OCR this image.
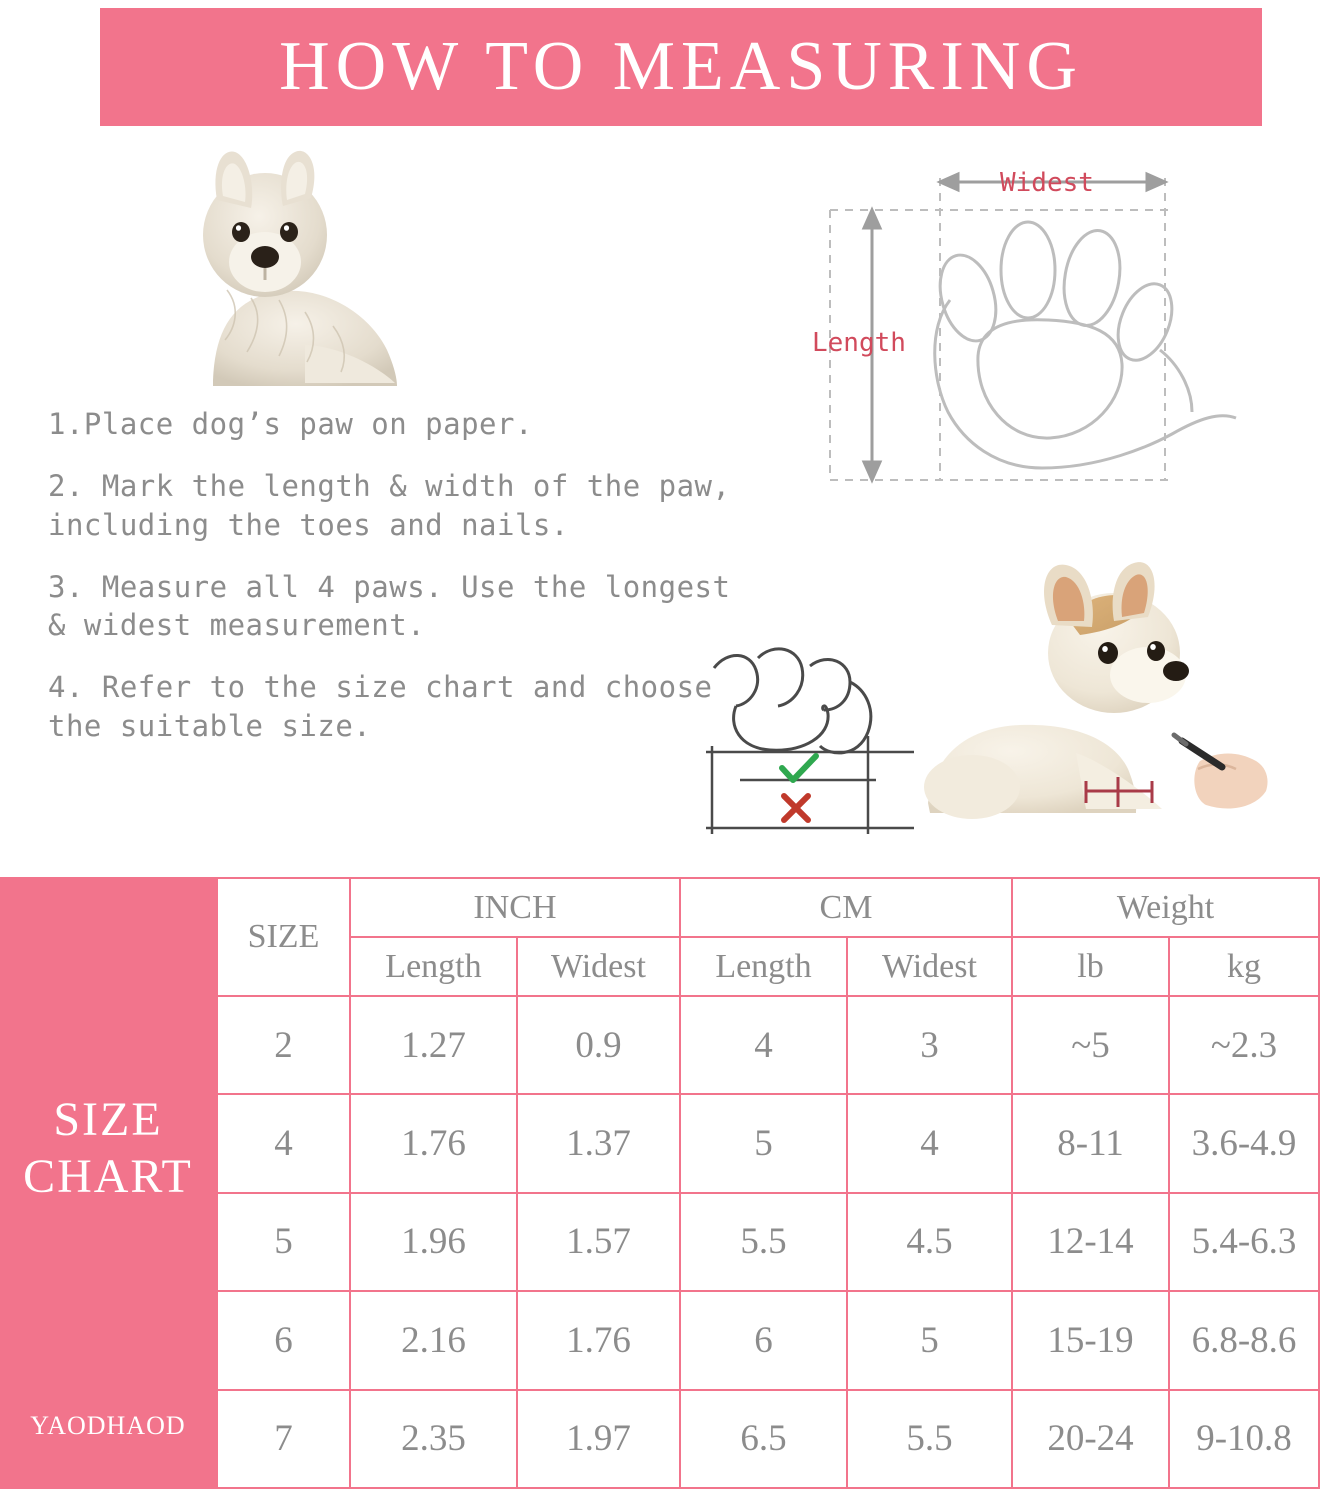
HOW TO MEASURING
1.Place dog’s paw on paper.
2. Mark the length & width of the paw, including the toes and nails.
3. Measure all 4 paws. Use the longest & widest measurement.
4. Refer to the size chart and choose the suitable size.
Widest
Length
SIZE
CHART
YAODHAOD
SIZE	INCH		CM		Weight	
	Length	Widest	Length	Widest	lb	kg
2	1.27	0.9	4	3	~5	~2.3
4	1.76	1.37	5	4	8-11	3.6-4.9
5	1.96	1.57	5.5	4.5	12-14	5.4-6.3
6	2.16	1.76	6	5	15-19	6.8-8.6
7	2.35	1.97	6.5	5.5	20-24	9-10.8
